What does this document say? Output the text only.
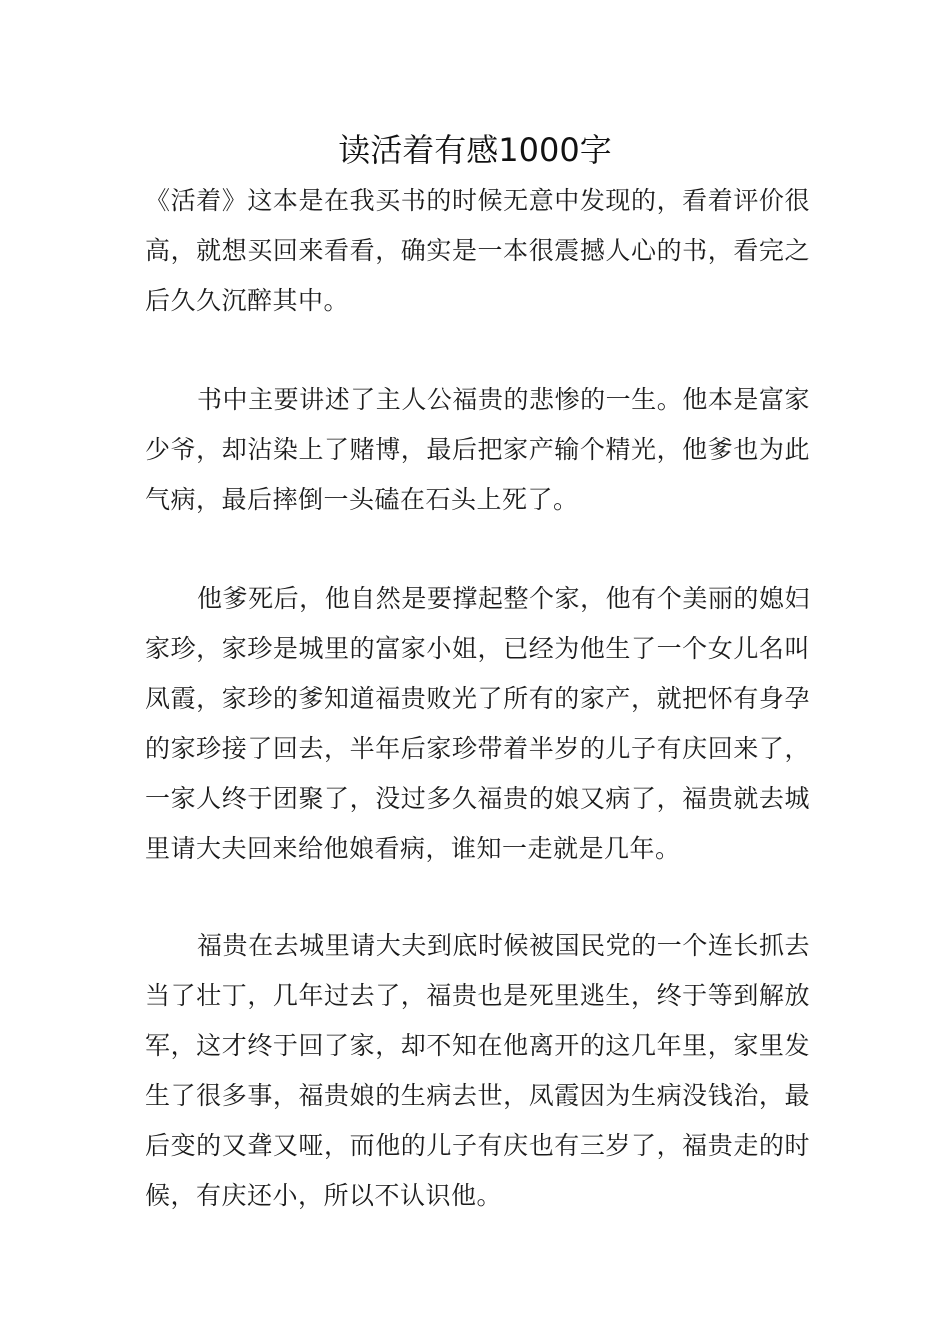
读活着有感1000字

《活着》这本是在我买书的时候无意中发现的，看着评价很高，就想买回来看看，确实是一本很震撼人心的书，看完之后久久沉醉其中。

书中主要讲述了主人公福贵的悲惨的一生。他本是富家少爷，却沾染上了赌博，最后把家产输个精光，他爹也为此气病，最后摔倒一头磕在石头上死了。

他爹死后，他自然是要撑起整个家，他有个美丽的媳妇家珍，家珍是城里的富家小姐，已经为他生了一个女儿名叫凤霞，家珍的爹知道福贵败光了所有的家产，就把怀有身孕的家珍接了回去，半年后家珍带着半岁的儿子有庆回来了，一家人终于团聚了，没过多久福贵的娘又病了，福贵就去城里请大夫回来给他娘看病，谁知一走就是几年。

福贵在去城里请大夫到底时候被国民党的一个连长抓去当了壮丁，几年过去了，福贵也是死里逃生，终于等到解放军，这才终于回了家，却不知在他离开的这几年里，家里发生了很多事，福贵娘的生病去世，凤霞因为生病没钱治，最后变的又聋又哑，而他的儿子有庆也有三岁了，福贵走的时候，有庆还小，所以不认识他。
